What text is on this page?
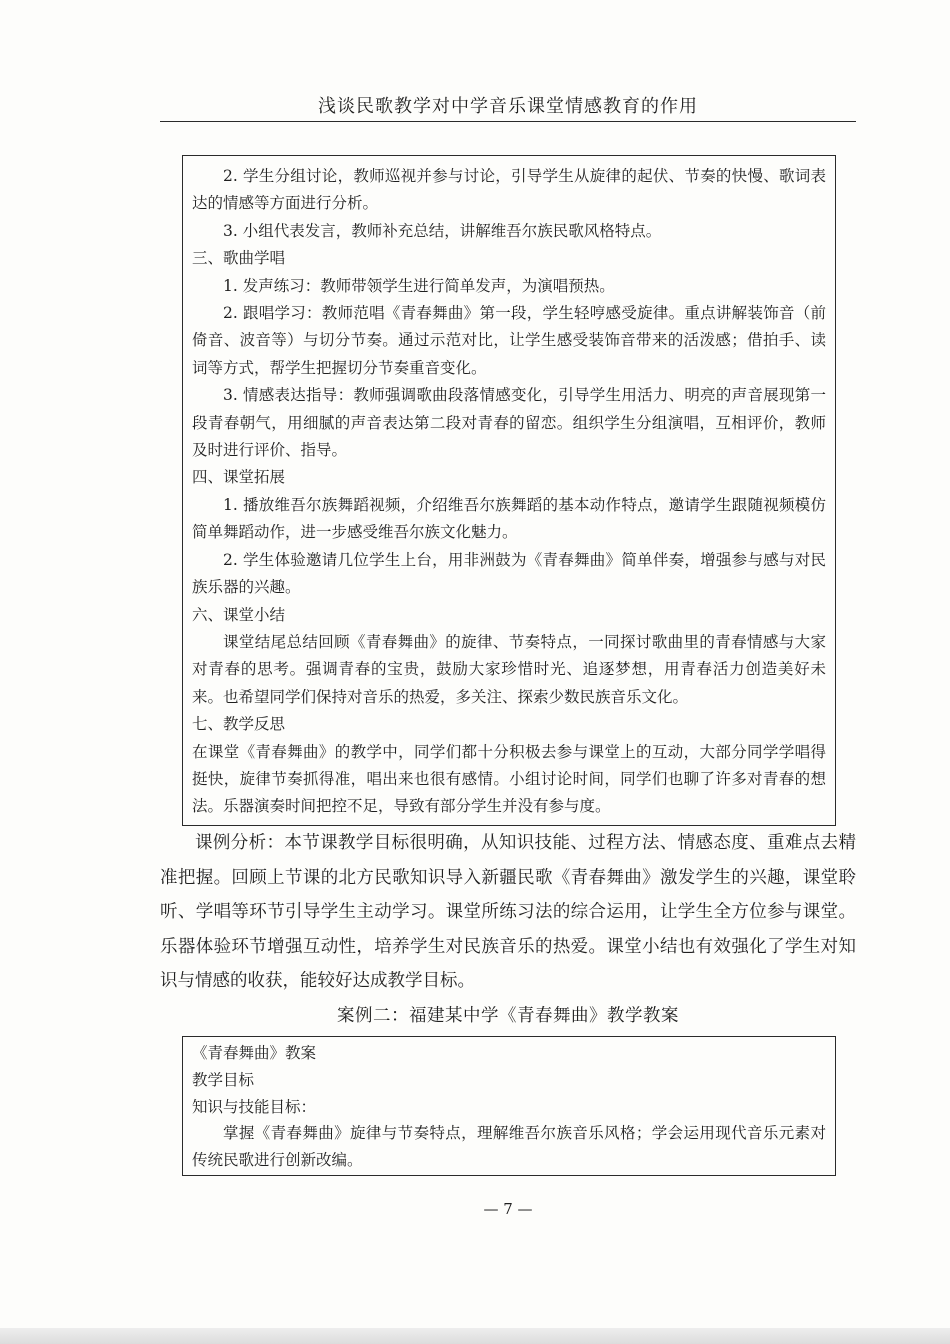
浅谈民歌教学对中学音乐课堂情感教育的作用

2. 学生分组讨论，教师巡视并参与讨论，引导学生从旋律的起伏、节奏的快慢、歌词表达的情感等方面进行分析。

3. 小组代表发言，教师补充总结，讲解维吾尔族民歌风格特点。

三、歌曲学唱

1. 发声练习：教师带领学生进行简单发声，为演唱预热。

2. 跟唱学习：教师范唱《青春舞曲》第一段，学生轻哼感受旋律。重点讲解装饰音（前倚音、波音等）与切分节奏。通过示范对比，让学生感受装饰音带来的活泼感；借拍手、读词等方式，帮学生把握切分节奏重音变化。

3. 情感表达指导：教师强调歌曲段落情感变化，引导学生用活力、明亮的声音展现第一段青春朝气，用细腻的声音表达第二段对青春的留恋。组织学生分组演唱，互相评价，教师及时进行评价、指导。

四、课堂拓展

1. 播放维吾尔族舞蹈视频，介绍维吾尔族舞蹈的基本动作特点，邀请学生跟随视频模仿简单舞蹈动作，进一步感受维吾尔族文化魅力。

2. 学生体验邀请几位学生上台，用非洲鼓为《青春舞曲》简单伴奏，增强参与感与对民族乐器的兴趣。

六、课堂小结

课堂结尾总结回顾《青春舞曲》的旋律、节奏特点，一同探讨歌曲里的青春情感与大家对青春的思考。强调青春的宝贵，鼓励大家珍惜时光、追逐梦想，用青春活力创造美好未来。也希望同学们保持对音乐的热爱，多关注、探索少数民族音乐文化。

七、教学反思

在课堂《青春舞曲》的教学中，同学们都十分积极去参与课堂上的互动，大部分同学学唱得挺快，旋律节奏抓得准，唱出来也很有感情。小组讨论时间，同学们也聊了许多对青春的想法。乐器演奏时间把控不足，导致有部分学生并没有参与度。

课例分析：本节课教学目标很明确，从知识技能、过程方法、情感态度、重难点去精准把握。回顾上节课的北方民歌知识导入新疆民歌《青春舞曲》激发学生的兴趣，课堂聆听、学唱等环节引导学生主动学习。课堂所练习法的综合运用，让学生全方位参与课堂。乐器体验环节增强互动性，培养学生对民族音乐的热爱。课堂小结也有效强化了学生对知识与情感的收获，能较好达成教学目标。

案例二：福建某中学《青春舞曲》教学教案

《青春舞曲》教案

教学目标

知识与技能目标：

掌握《青春舞曲》旋律与节奏特点，理解维吾尔族音乐风格；学会运用现代音乐元素对传统民歌进行创新改编。

— 7 —
